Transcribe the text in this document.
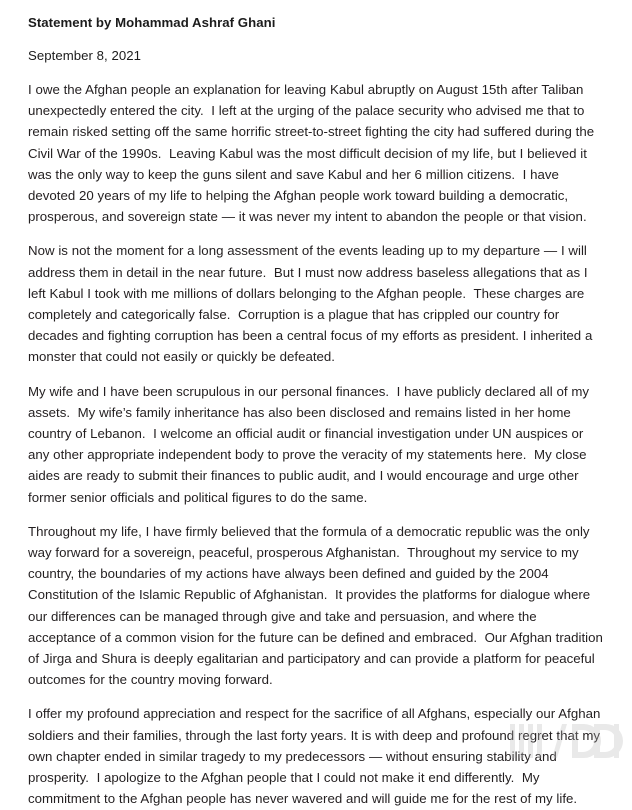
Statement by Mohammad Ashraf Ghani
September 8, 2021

I owe the Afghan people an explanation for leaving Kabul abruptly on August 15th after Taliban unexpectedly entered the city.  I left at the urging of the palace security who advised me that to remain risked setting off the same horrific street-to-street fighting the city had suffered during the Civil War of the 1990s.  Leaving Kabul was the most difficult decision of my life, but I believed it was the only way to keep the guns silent and save Kabul and her 6 million citizens.  I have devoted 20 years of my life to helping the Afghan people work toward building a democratic, prosperous, and sovereign state — it was never my intent to abandon the people or that vision.

Now is not the moment for a long assessment of the events leading up to my departure — I will address them in detail in the near future.  But I must now address baseless allegations that as I left Kabul I took with me millions of dollars belonging to the Afghan people.  These charges are completely and categorically false.  Corruption is a plague that has crippled our country for decades and fighting corruption has been a central focus of my efforts as president. I inherited a monster that could not easily or quickly be defeated.

My wife and I have been scrupulous in our personal finances.  I have publicly declared all of my assets.  My wife’s family inheritance has also been disclosed and remains listed in her home country of Lebanon.  I welcome an official audit or financial investigation under UN auspices or any other appropriate independent body to prove the veracity of my statements here.  My close aides are ready to submit their finances to public audit, and I would encourage and urge other former senior officials and political figures to do the same.

Throughout my life, I have firmly believed that the formula of a democratic republic was the only way forward for a sovereign, peaceful, prosperous Afghanistan.  Throughout my service to my country, the boundaries of my actions have always been defined and guided by the 2004 Constitution of the Islamic Republic of Afghanistan.  It provides the platforms for dialogue where our differences can be managed through give and take and persuasion, and where the acceptance of a common vision for the future can be defined and embraced.  Our Afghan tradition of Jirga and Shura is deeply egalitarian and participatory and can provide a platform for peaceful outcomes for the country moving forward.

I offer my profound appreciation and respect for the sacrifice of all Afghans, especially our Afghan soldiers and their families, through the last forty years. It is with deep and profound regret that my own chapter ended in similar tragedy to my predecessors — without ensuring stability and prosperity.  I apologize to the Afghan people that I could not make it end differently.  My commitment to the Afghan people has never wavered and will guide me for the rest of my life.
